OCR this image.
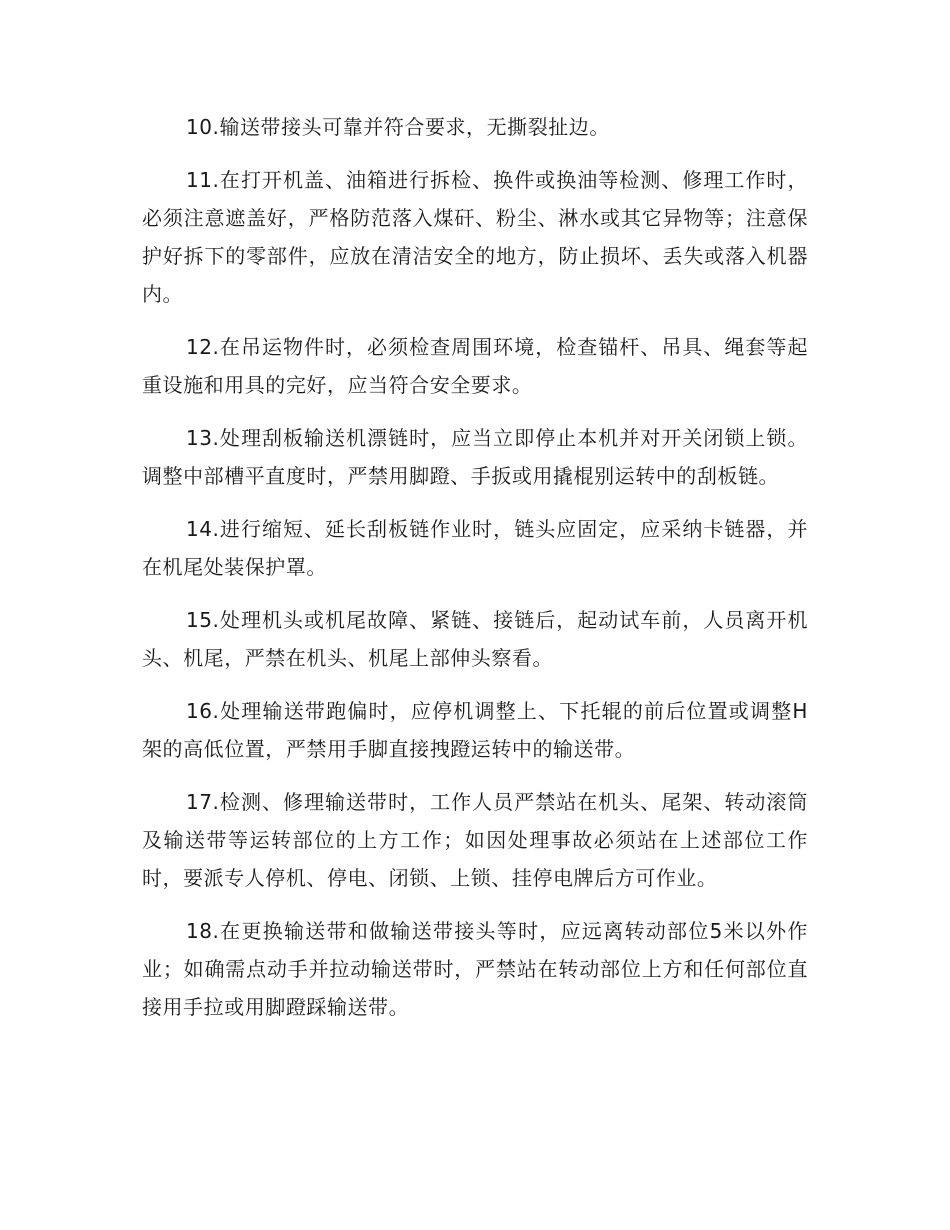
10.输送带接头可靠并符合要求，无撕裂扯边。

11.在打开机盖、油箱进行拆检、换件或换油等检测、修理工作时，必须注意遮盖好，严格防范落入煤矸、粉尘、淋水或其它异物等；注意保护好拆下的零部件，应放在清洁安全的地方，防止损坏、丢失或落入机器内。

12.在吊运物件时，必须检查周围环境，检查锚杆、吊具、绳套等起重设施和用具的完好，应当符合安全要求。

13.处理刮板输送机漂链时，应当立即停止本机并对开关闭锁上锁。调整中部槽平直度时，严禁用脚蹬、手扳或用撬棍别运转中的刮板链。

14.进行缩短、延长刮板链作业时，链头应固定，应采纳卡链器，并在机尾处装保护罩。

15.处理机头或机尾故障、紧链、接链后，起动试车前，人员离开机头、机尾，严禁在机头、机尾上部伸头察看。

16.处理输送带跑偏时，应停机调整上、下托辊的前后位置或调整H架的高低位置，严禁用手脚直接拽蹬运转中的输送带。

17.检测、修理输送带时，工作人员严禁站在机头、尾架、转动滚筒及输送带等运转部位的上方工作；如因处理事故必须站在上述部位工作时，要派专人停机、停电、闭锁、上锁、挂停电牌后方可作业。

18.在更换输送带和做输送带接头等时，应远离转动部位5米以外作业；如确需点动手并拉动输送带时，严禁站在转动部位上方和任何部位直接用手拉或用脚蹬踩输送带。
